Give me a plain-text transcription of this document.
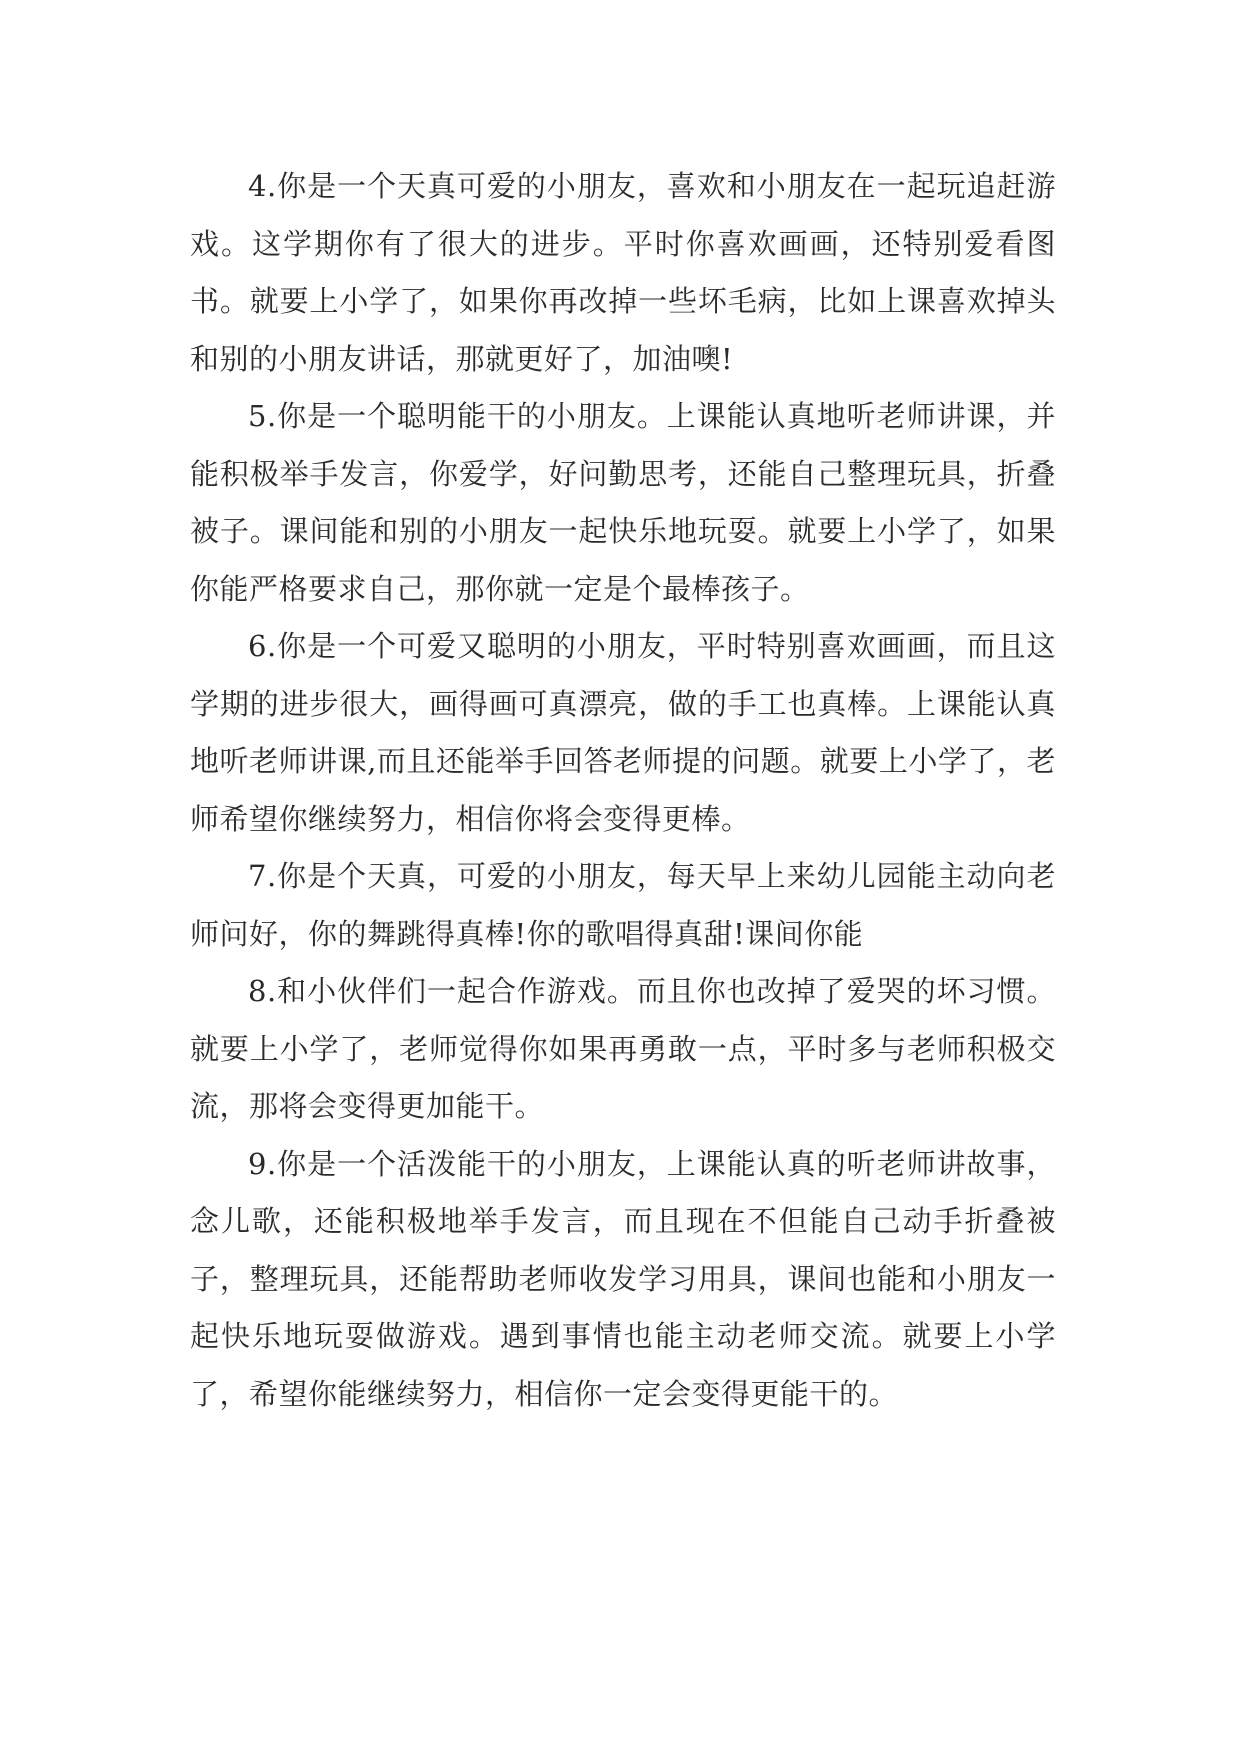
4.你是一个天真可爱的小朋友，喜欢和小朋友在一起玩追赶游戏。这学期你有了很大的进步。平时你喜欢画画，还特别爱看图书。就要上小学了，如果你再改掉一些坏毛病，比如上课喜欢掉头和别的小朋友讲话，那就更好了，加油噢!

5.你是一个聪明能干的小朋友。上课能认真地听老师讲课，并能积极举手发言，你爱学，好问勤思考，还能自己整理玩具，折叠被子。课间能和别的小朋友一起快乐地玩耍。就要上小学了，如果你能严格要求自己，那你就一定是个最棒孩子。

6.你是一个可爱又聪明的小朋友，平时特别喜欢画画，而且这学期的进步很大，画得画可真漂亮，做的手工也真棒。上课能认真地听老师讲课,而且还能举手回答老师提的问题。就要上小学了，老师希望你继续努力，相信你将会变得更棒。

7.你是个天真，可爱的小朋友，每天早上来幼儿园能主动向老师问好，你的舞跳得真棒!你的歌唱得真甜!课间你能

8.和小伙伴们一起合作游戏。而且你也改掉了爱哭的坏习惯。就要上小学了，老师觉得你如果再勇敢一点，平时多与老师积极交流，那将会变得更加能干。

9.你是一个活泼能干的小朋友，上课能认真的听老师讲故事，念儿歌，还能积极地举手发言，而且现在不但能自己动手折叠被子，整理玩具，还能帮助老师收发学习用具，课间也能和小朋友一起快乐地玩耍做游戏。遇到事情也能主动老师交流。就要上小学了，希望你能继续努力，相信你一定会变得更能干的。
